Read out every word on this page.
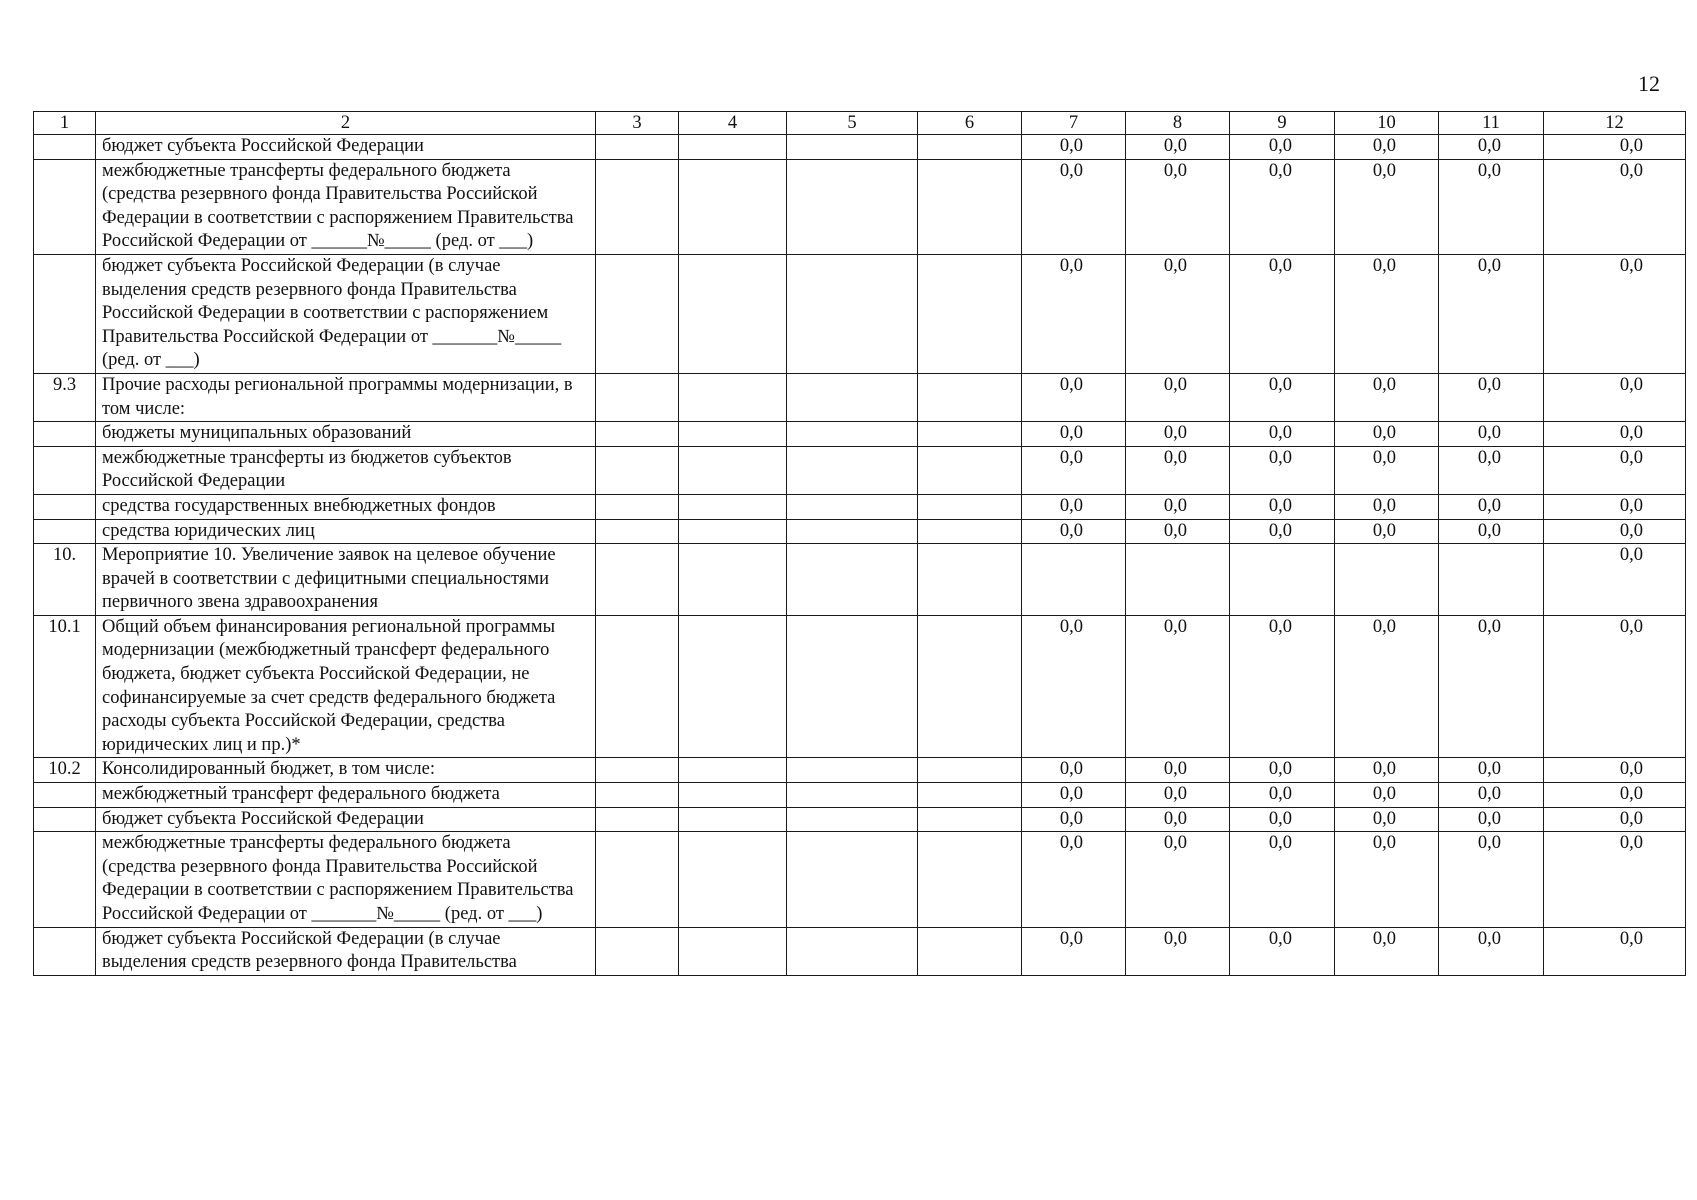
12
1	2	3	4	5	6	7	8	9	10	11	12
	бюджет субъекта Российской Федерации					0,0	0,0	0,0	0,0	0,0	0,0
	межбюджетные трансферты федерального бюджета (средства резервного фонда Правительства Российской Федерации в соответствии с распоряжением Правительства Российской Федерации от ______№_____ (ред. от ___)					0,0	0,0	0,0	0,0	0,0	0,0
	бюджет субъекта Российской Федерации (в случае выделения средств резервного фонда Правительства Российской Федерации в соответствии с распоряжением Правительства Российской Федерации от _______№_____ (ред. от ___)					0,0	0,0	0,0	0,0	0,0	0,0
9.3	Прочие расходы региональной программы модернизации, в том числе:					0,0	0,0	0,0	0,0	0,0	0,0
	бюджеты муниципальных образований					0,0	0,0	0,0	0,0	0,0	0,0
	межбюджетные трансферты из бюджетов субъектов Российской Федерации					0,0	0,0	0,0	0,0	0,0	0,0
	средства государственных внебюджетных фондов					0,0	0,0	0,0	0,0	0,0	0,0
	средства юридических лиц					0,0	0,0	0,0	0,0	0,0	0,0
10.	Мероприятие 10. Увеличение заявок на целевое обучение врачей в соответствии с дефицитными специальностями первичного звена здравоохранения										0,0
10.1	Общий объем финансирования региональной программы модернизации (межбюджетный трансферт федерального бюджета, бюджет субъекта Российской Федерации, не софинансируемые за счет средств федерального бюджета расходы субъекта Российской Федерации, средства юридических лиц и пр.)*					0,0	0,0	0,0	0,0	0,0	0,0
10.2	Консолидированный бюджет, в том числе:					0,0	0,0	0,0	0,0	0,0	0,0
	межбюджетный трансферт федерального бюджета					0,0	0,0	0,0	0,0	0,0	0,0
	бюджет субъекта Российской Федерации					0,0	0,0	0,0	0,0	0,0	0,0
	межбюджетные трансферты федерального бюджета (средства резервного фонда Правительства Российской Федерации в соответствии с распоряжением Правительства Российской Федерации от _______№_____ (ред. от ___)					0,0	0,0	0,0	0,0	0,0	0,0
	бюджет субъекта Российской Федерации (в случае выделения средств резервного фонда Правительства					0,0	0,0	0,0	0,0	0,0	0,0
